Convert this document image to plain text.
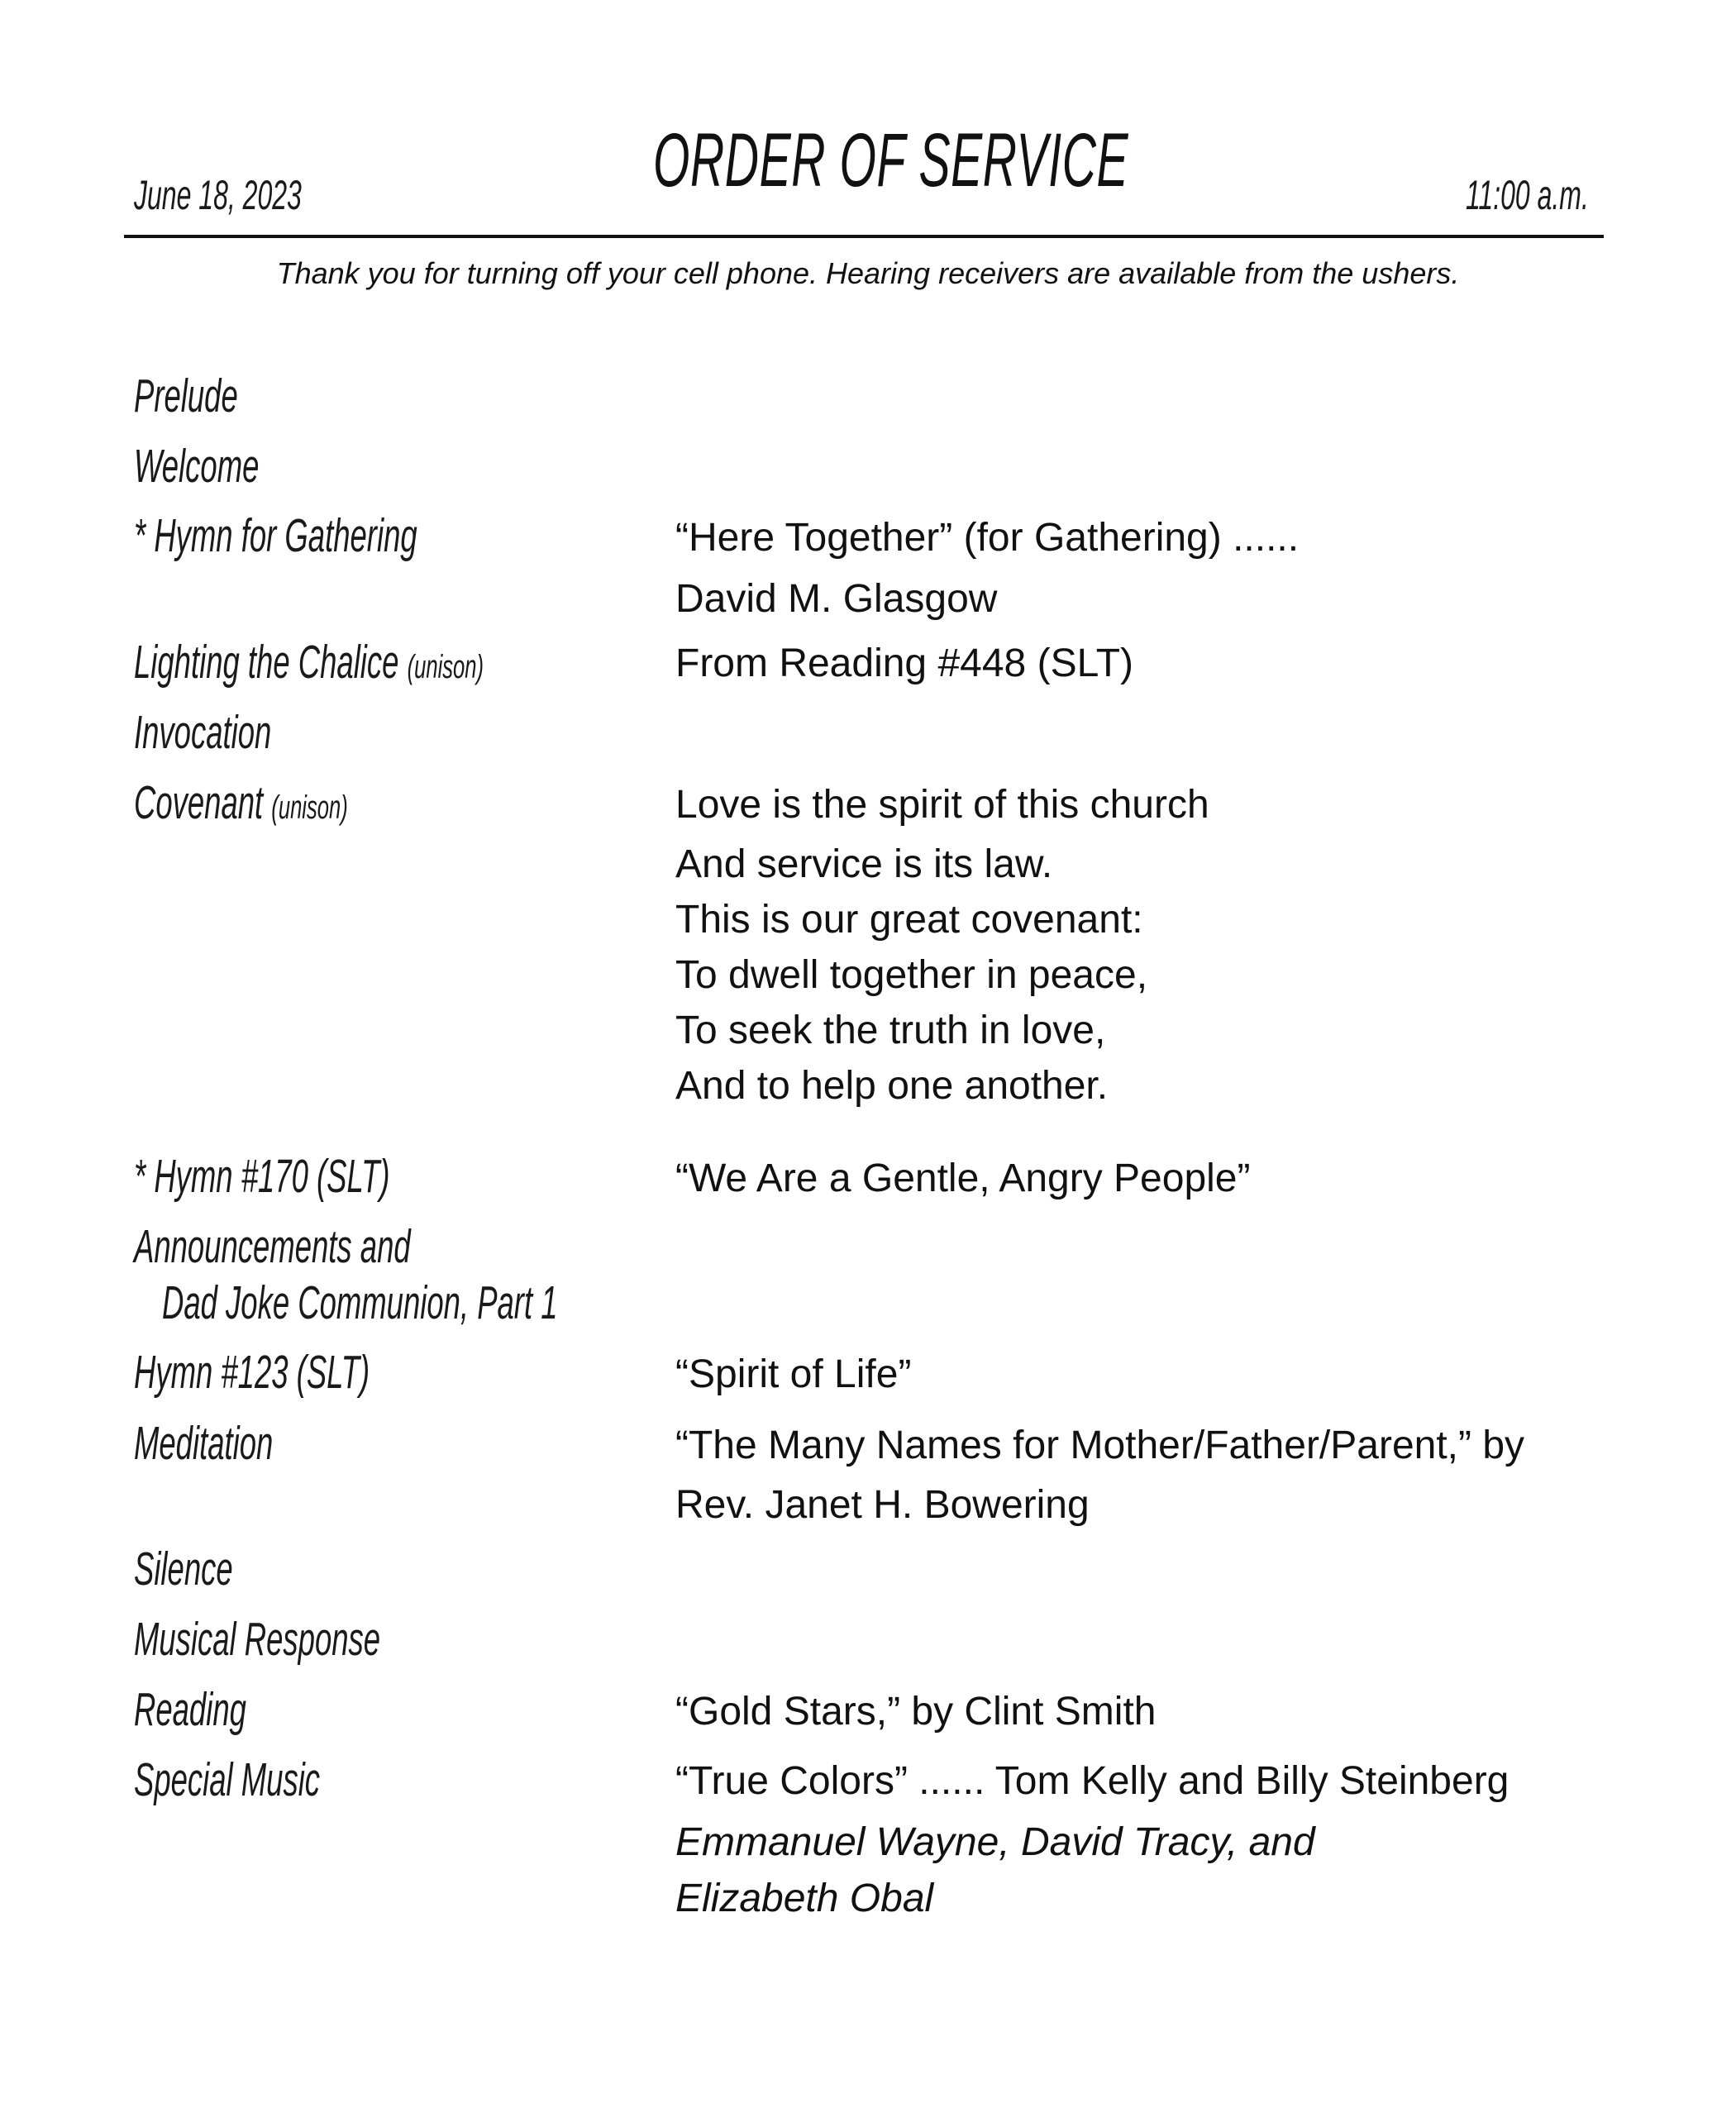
June 18, 2023	ORDER OF SERVICE	11:00 a.m.
Thank you for turning off your cell phone. Hearing receivers are available from the ushers.
Prelude
Welcome
* Hymn for Gathering
Lighting the Chalice (unison)
Invocation
Covenant (unison)
* Hymn #170 (SLT)
Announcements and
Dad Joke Communion, Part 1
Hymn #123 (SLT)
Meditation
Silence
Musical Response
Reading
Special Music
“Here Together” (for Gathering) ......
David M. Glasgow
From Reading #448 (SLT)
Love is the spirit of this church
And service is its law.
This is our great covenant:
To dwell together in peace,
To seek the truth in love,
And to help one another.
“We Are a Gentle, Angry People”
“Spirit of Life”
“The Many Names for Mother/Father/Parent,” by
Rev. Janet H. Bowering
“Gold Stars,” by Clint Smith
“True Colors” ...... Tom Kelly and Billy Steinberg
Emmanuel Wayne, David Tracy, and
Elizabeth Obal
